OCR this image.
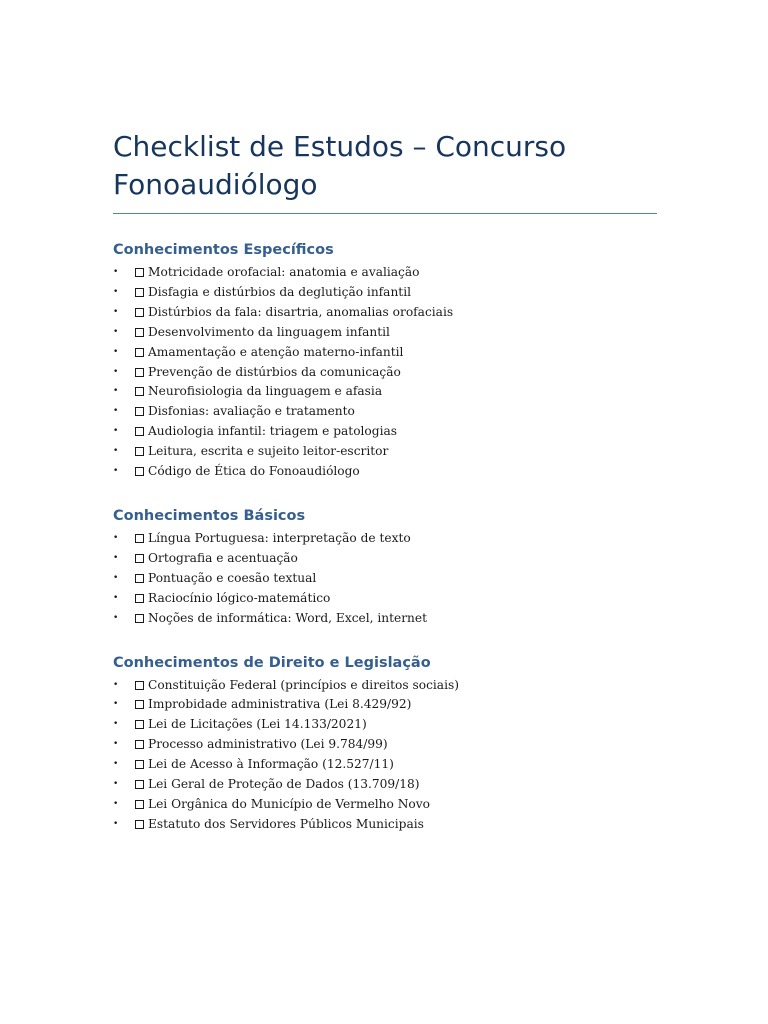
Checklist de Estudos – Concurso Fonoaudiólogo
Conhecimentos Específicos
•	Motricidade orofacial: anatomia e avaliação
•	Disfagia e distúrbios da deglutição infantil
•	Distúrbios da fala: disartria, anomalias orofaciais
•	Desenvolvimento da linguagem infantil
•	Amamentação e atenção materno-infantil
•	Prevenção de distúrbios da comunicação
•	Neurofisiologia da linguagem e afasia
•	Disfonias: avaliação e tratamento
•	Audiologia infantil: triagem e patologias
•	Leitura, escrita e sujeito leitor-escritor
•	Código de Ética do Fonoaudiólogo
Conhecimentos Básicos
•	Língua Portuguesa: interpretação de texto
•	Ortografia e acentuação
•	Pontuação e coesão textual
•	Raciocínio lógico-matemático
•	Noções de informática: Word, Excel, internet
Conhecimentos de Direito e Legislação
•	Constituição Federal (princípios e direitos sociais)
•	Improbidade administrativa (Lei 8.429/92)
•	Lei de Licitações (Lei 14.133/2021)
•	Processo administrativo (Lei 9.784/99)
•	Lei de Acesso à Informação (12.527/11)
•	Lei Geral de Proteção de Dados (13.709/18)
•	Lei Orgânica do Município de Vermelho Novo
•	Estatuto dos Servidores Públicos Municipais
